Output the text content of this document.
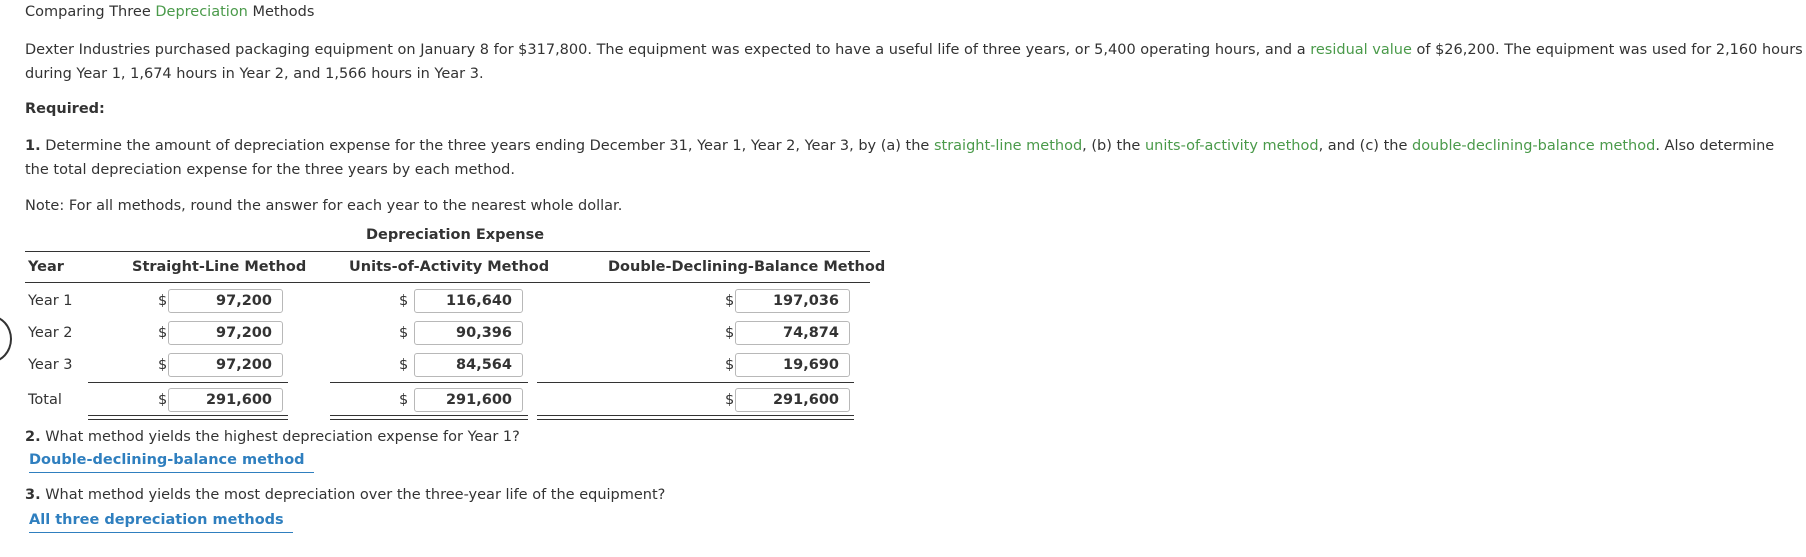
Comparing Three Depreciation Methods
Dexter Industries purchased packaging equipment on January 8 for $317,800. The equipment was expected to have a useful life of three years, or 5,400 operating hours, and a residual value of $26,200. The equipment was used for 2,160 hours during Year 1, 1,674 hours in Year 2, and 1,566 hours in Year 3.
Required:
1. Determine the amount of depreciation expense for the three years ending December 31, Year 1, Year 2, Year 3, by (a) the straight-line method, (b) the units-of-activity method, and (c) the double-declining-balance method. Also determine the total depreciation expense for the three years by each method.
Note: For all methods, round the answer for each year to the nearest whole dollar.
Depreciation Expense
Year	Straight-Line Method	Units-of-Activity Method	Double-Declining-Balance Method
Year 1	$	97,200	$	116,640	$	197,036
Year 2	$	97,200	$	90,396	$	74,874
Year 3	$	97,200	$	84,564	$	19,690
Total	$	291,600	$	291,600	$	291,600
2. What method yields the highest depreciation expense for Year 1?
Double-declining-balance method
3. What method yields the most depreciation over the three-year life of the equipment?
All three depreciation methods
